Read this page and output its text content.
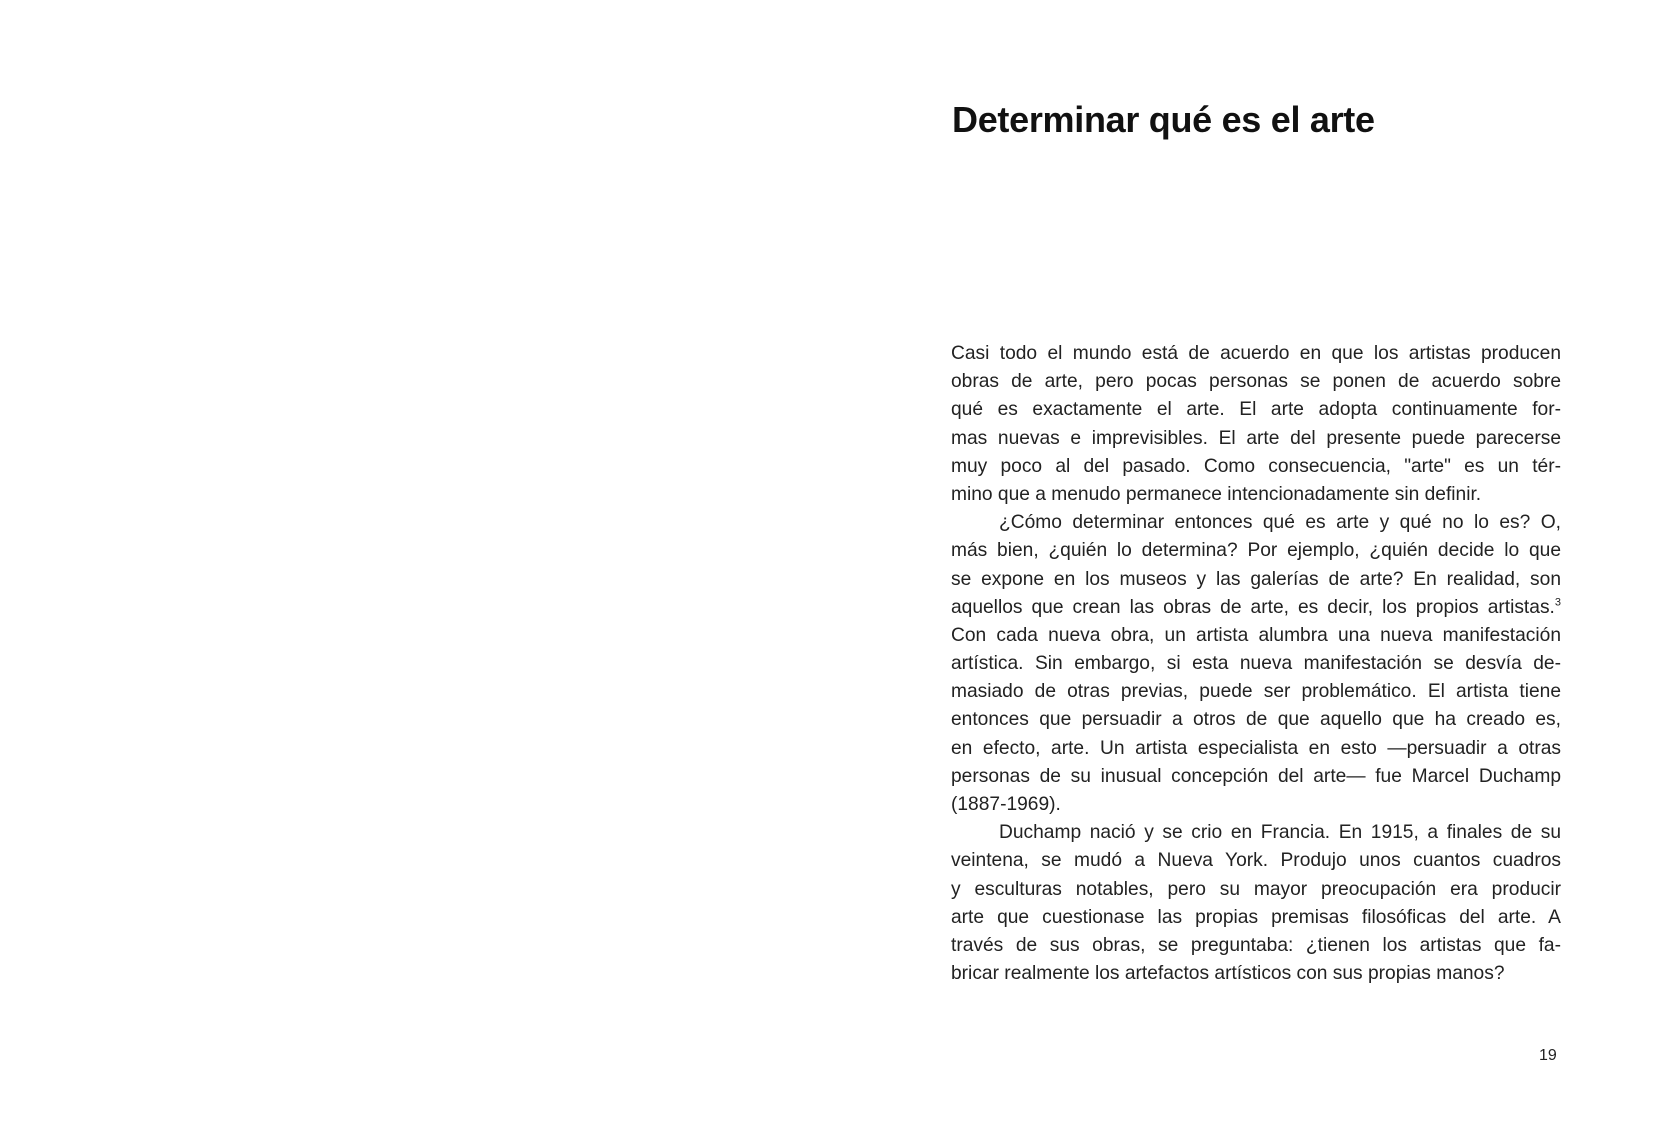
Determinar qué es el arte
Casi todo el mundo está de acuerdo en que los artistas producen
obras de arte, pero pocas personas se ponen de acuerdo sobre
qué es exactamente el arte. El arte adopta continuamente for-
mas nuevas e imprevisibles. El arte del presente puede parecerse
muy poco al del pasado. Como consecuencia, "arte" es un tér-
mino que a menudo permanece intencionadamente sin definir.
¿Cómo determinar entonces qué es arte y qué no lo es? O,
más bien, ¿quién lo determina? Por ejemplo, ¿quién decide lo que
se expone en los museos y las galerías de arte? En realidad, son
aquellos que crean las obras de arte, es decir, los propios artistas.$^3$
Con cada nueva obra, un artista alumbra una nueva manifestación
artística. Sin embargo, si esta nueva manifestación se desvía de-
masiado de otras previas, puede ser problemático. El artista tiene
entonces que persuadir a otros de que aquello que ha creado es,
en efecto, arte. Un artista especialista en esto —persuadir a otras
personas de su inusual concepción del arte— fue Marcel Duchamp
(1887-1969).
Duchamp nació y se crio en Francia. En 1915, a finales de su
veintena, se mudó a Nueva York. Produjo unos cuantos cuadros
y esculturas notables, pero su mayor preocupación era producir
arte que cuestionase las propias premisas filosóficas del arte. A
través de sus obras, se preguntaba: ¿tienen los artistas que fa-
bricar realmente los artefactos artísticos con sus propias manos?
19
